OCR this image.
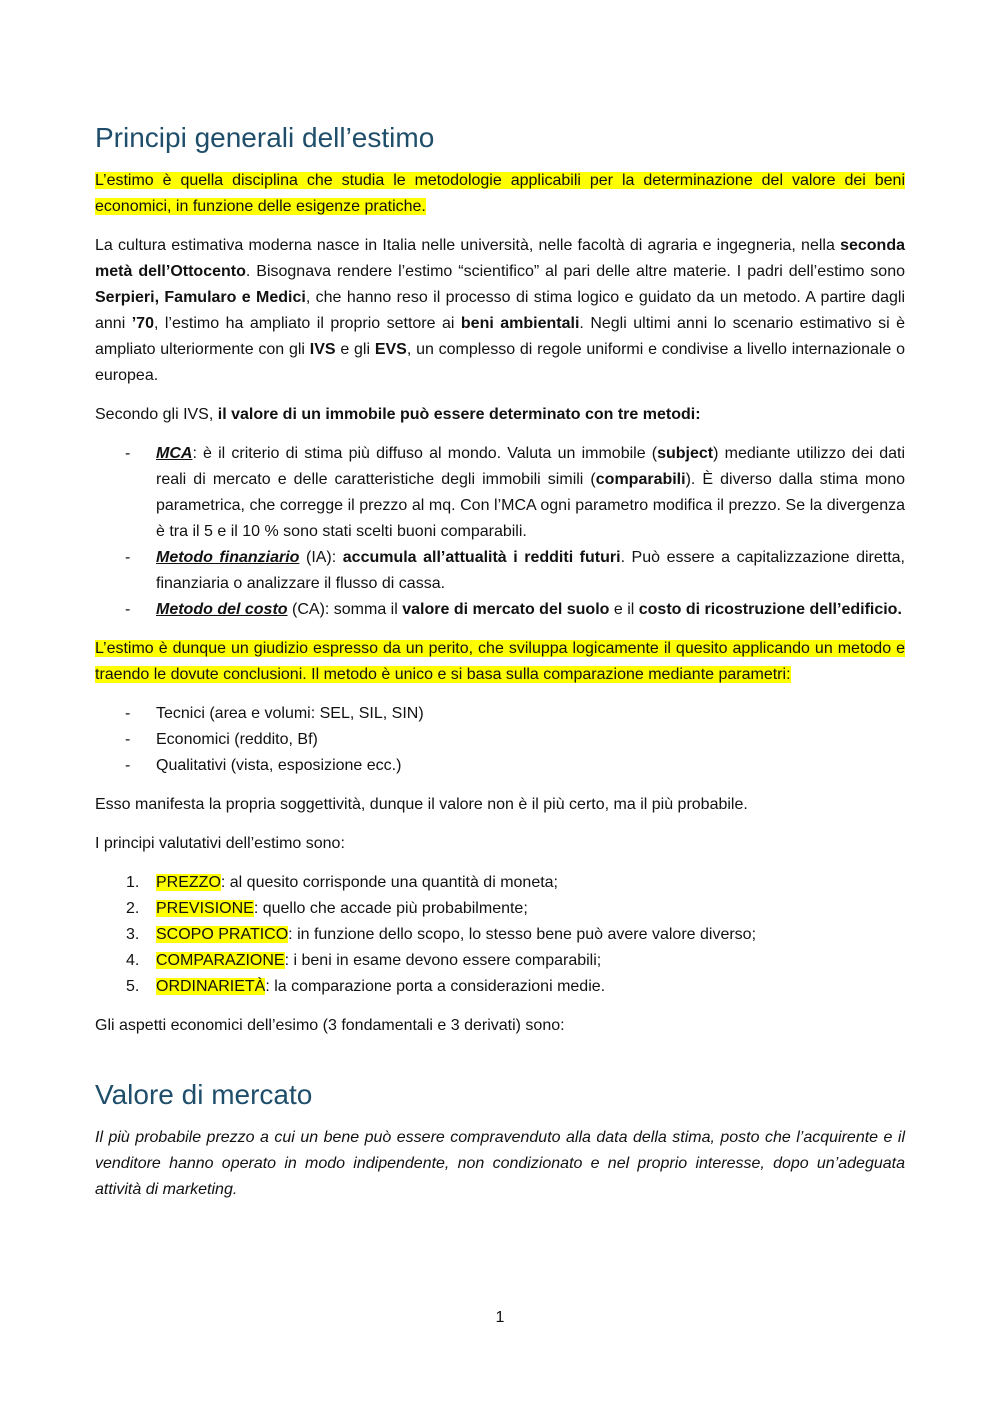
Principi generali dell’estimo

L’estimo è quella disciplina che studia le metodologie applicabili per la determinazione del valore dei beni economici, in funzione delle esigenze pratiche.

La cultura estimativa moderna nasce in Italia nelle università, nelle facoltà di agraria e ingegneria, nella seconda metà dell’Ottocento. Bisognava rendere l’estimo “scientifico” al pari delle altre materie. I padri dell’estimo sono Serpieri, Famularo e Medici, che hanno reso il processo di stima logico e guidato da un metodo. A partire dagli anni ’70, l’estimo ha ampliato il proprio settore ai beni ambientali. Negli ultimi anni lo scenario estimativo si è ampliato ulteriormente con gli IVS e gli EVS, un complesso di regole uniformi e condivise a livello internazionale o europea.

Secondo gli IVS, il valore di un immobile può essere determinato con tre metodi:

- MCA: è il criterio di stima più diffuso al mondo. Valuta un immobile (subject) mediante utilizzo dei dati reali di mercato e delle caratteristiche degli immobili simili (comparabili). È diverso dalla stima mono parametrica, che corregge il prezzo al mq. Con l’MCA ogni parametro modifica il prezzo. Se la divergenza è tra il 5 e il 10 % sono stati scelti buoni comparabili.
- Metodo finanziario (IA): accumula all’attualità i redditi futuri. Può essere a capitalizzazione diretta, finanziaria o analizzare il flusso di cassa.
- Metodo del costo (CA): somma il valore di mercato del suolo e il costo di ricostruzione dell’edificio.

L’estimo è dunque un giudizio espresso da un perito, che sviluppa logicamente il quesito applicando un metodo e traendo le dovute conclusioni. Il metodo è unico e si basa sulla comparazione mediante parametri:

- Tecnici (area e volumi: SEL, SIL, SIN)
- Economici (reddito, Bf)
- Qualitativi (vista, esposizione ecc.)

Esso manifesta la propria soggettività, dunque il valore non è il più certo, ma il più probabile.

I principi valutativi dell’estimo sono:

1. PREZZO: al quesito corrisponde una quantità di moneta;
2. PREVISIONE: quello che accade più probabilmente;
3. SCOPO PRATICO: in funzione dello scopo, lo stesso bene può avere valore diverso;
4. COMPARAZIONE: i beni in esame devono essere comparabili;
5. ORDINARIETÀ: la comparazione porta a considerazioni medie.

Gli aspetti economici dell’esimo (3 fondamentali e 3 derivati) sono:

Valore di mercato

Il più probabile prezzo a cui un bene può essere compravenduto alla data della stima, posto che l’acquirente e il venditore hanno operato in modo indipendente, non condizionato e nel proprio interesse, dopo un’adeguata attività di marketing.

1
